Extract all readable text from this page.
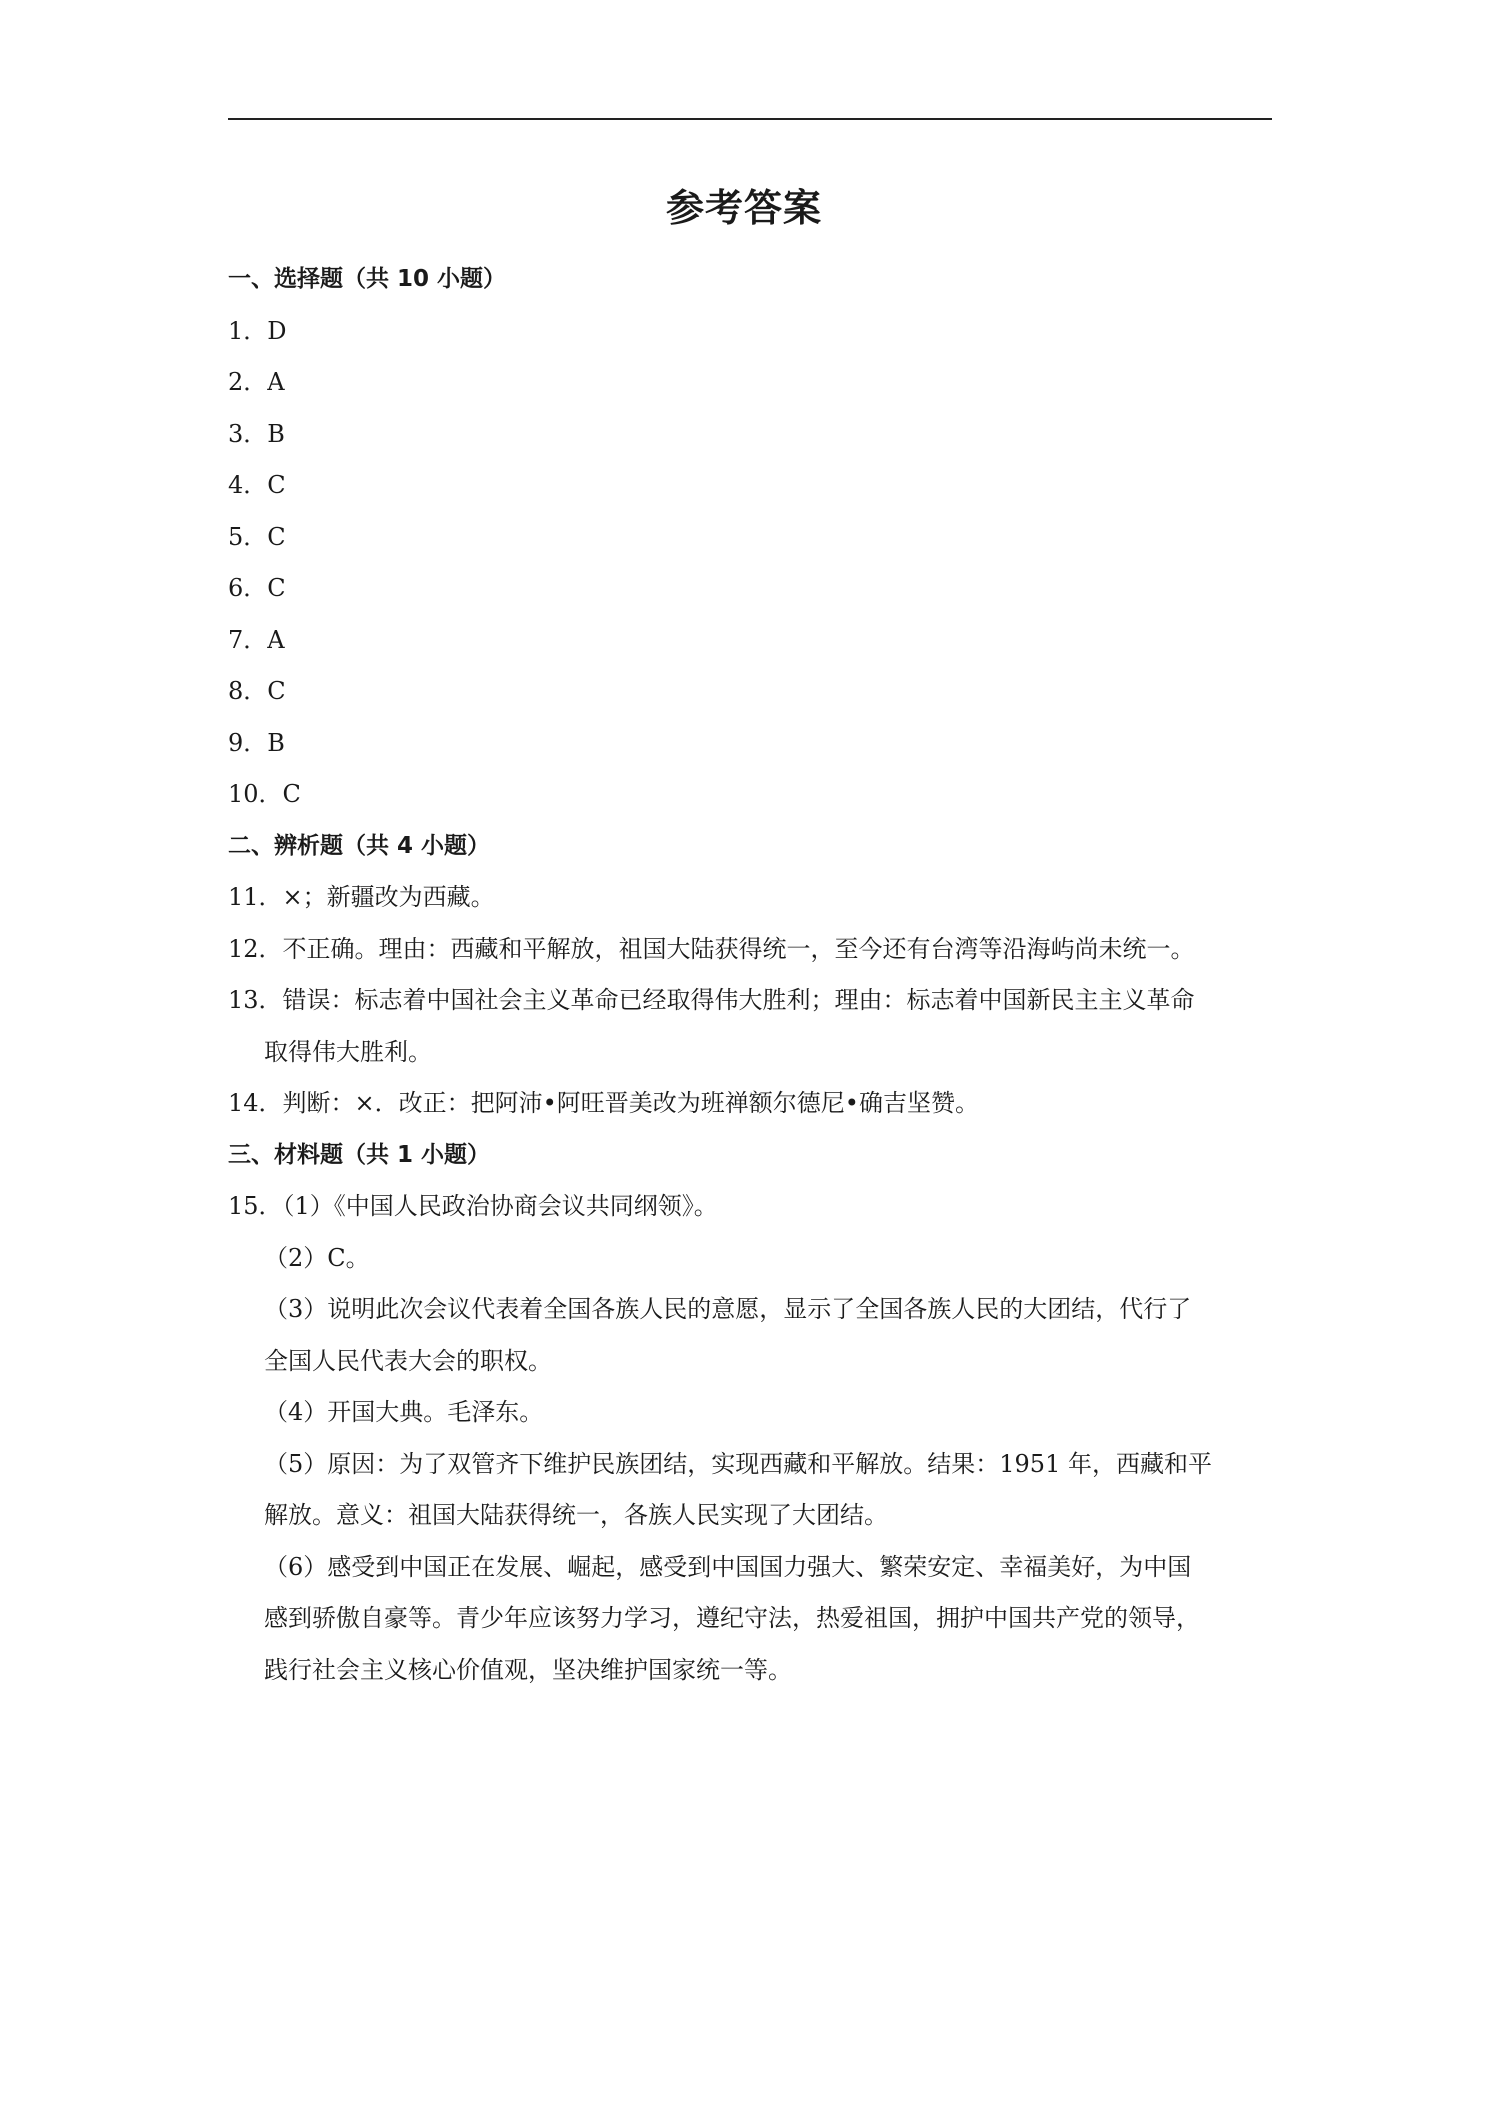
参考答案
一、选择题（共 10 小题）
1．D
2．A
3．B
4．C
5．C
6．C
7．A
8．C
9．B
10．C
二、辨析题（共 4 小题）
11．×；新疆改为西藏。
12．不正确。理由：西藏和平解放，祖国大陆获得统一，至今还有台湾等沿海屿尚未统一。
13．错误：标志着中国社会主义革命已经取得伟大胜利；理由：标志着中国新民主主义革命
取得伟大胜利。
14．判断：×．改正：把阿沛•阿旺晋美改为班禅额尔德尼•确吉坚赞。
三、材料题（共 1 小题）
15．（1）《中国人民政治协商会议共同纲领》。
（2）C。
（3）说明此次会议代表着全国各族人民的意愿，显示了全国各族人民的大团结，代行了
全国人民代表大会的职权。
（4）开国大典。毛泽东。
（5）原因：为了双管齐下维护民族团结，实现西藏和平解放。结果：1951 年，西藏和平
解放。意义：祖国大陆获得统一，各族人民实现了大团结。
（6）感受到中国正在发展、崛起，感受到中国国力强大、繁荣安定、幸福美好，为中国
感到骄傲自豪等。青少年应该努力学习，遵纪守法，热爱祖国，拥护中国共产党的领导，
践行社会主义核心价值观，坚决维护国家统一等。
